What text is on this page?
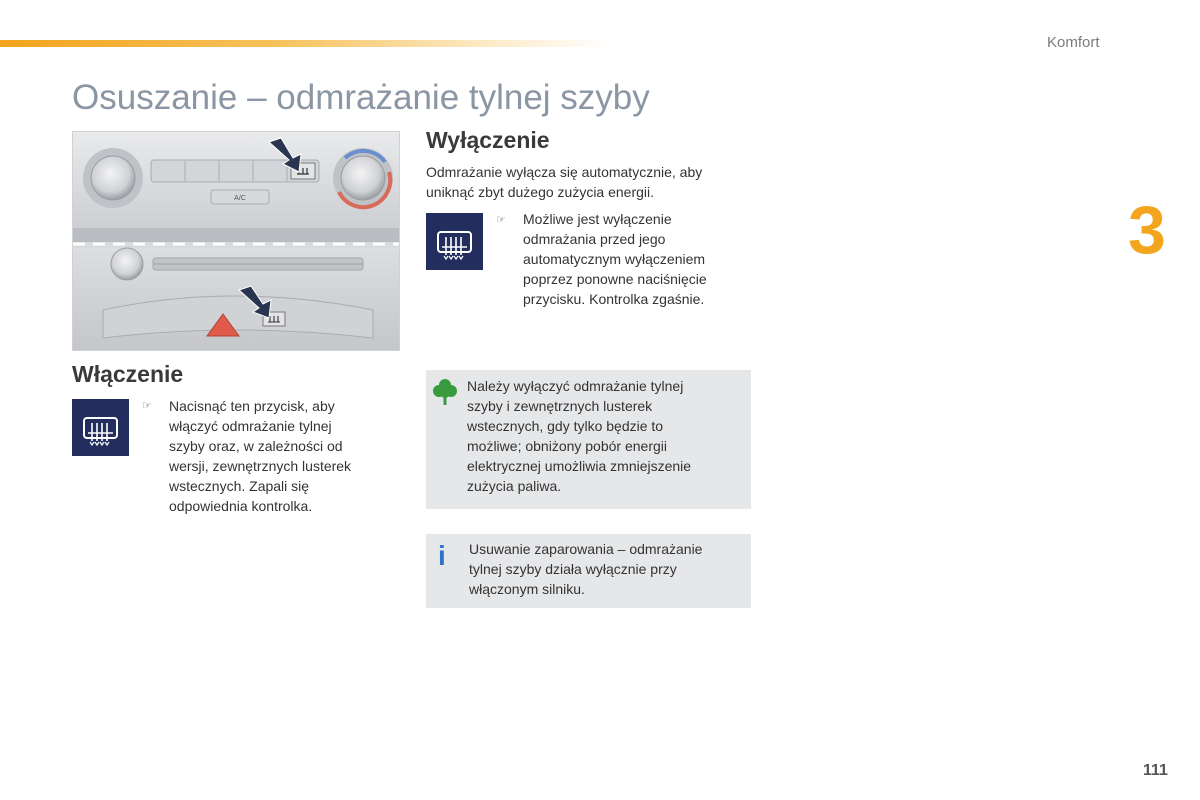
Komfort
3
111
Osuszanie – odmrażanie tylnej szyby
A/C
Włączenie
☞ Nacisnąć ten przycisk, aby
włączyć odmrażanie tylnej
szyby oraz, w zależności od
wersji, zewnętrznych lusterek
wstecznych. Zapali się
odpowiednia kontrolka.
Wyłączenie
Odmrażanie wyłącza się automatycznie, aby
uniknąć zbyt dużego zużycia energii.
☞ Możliwe jest wyłączenie
odmrażania przed jego
automatycznym wyłączeniem
poprzez ponowne naciśnięcie
przycisku. Kontrolka zgaśnie.
Należy wyłączyć odmrażanie tylnej
szyby i zewnętrznych lusterek
wstecznych, gdy tylko będzie to
możliwe; obniżony pobór energii
elektrycznej umożliwia zmniejszenie
zużycia paliwa.
i Usuwanie zaparowania – odmrażanie
tylnej szyby działa wyłącznie przy
włączonym silniku.
